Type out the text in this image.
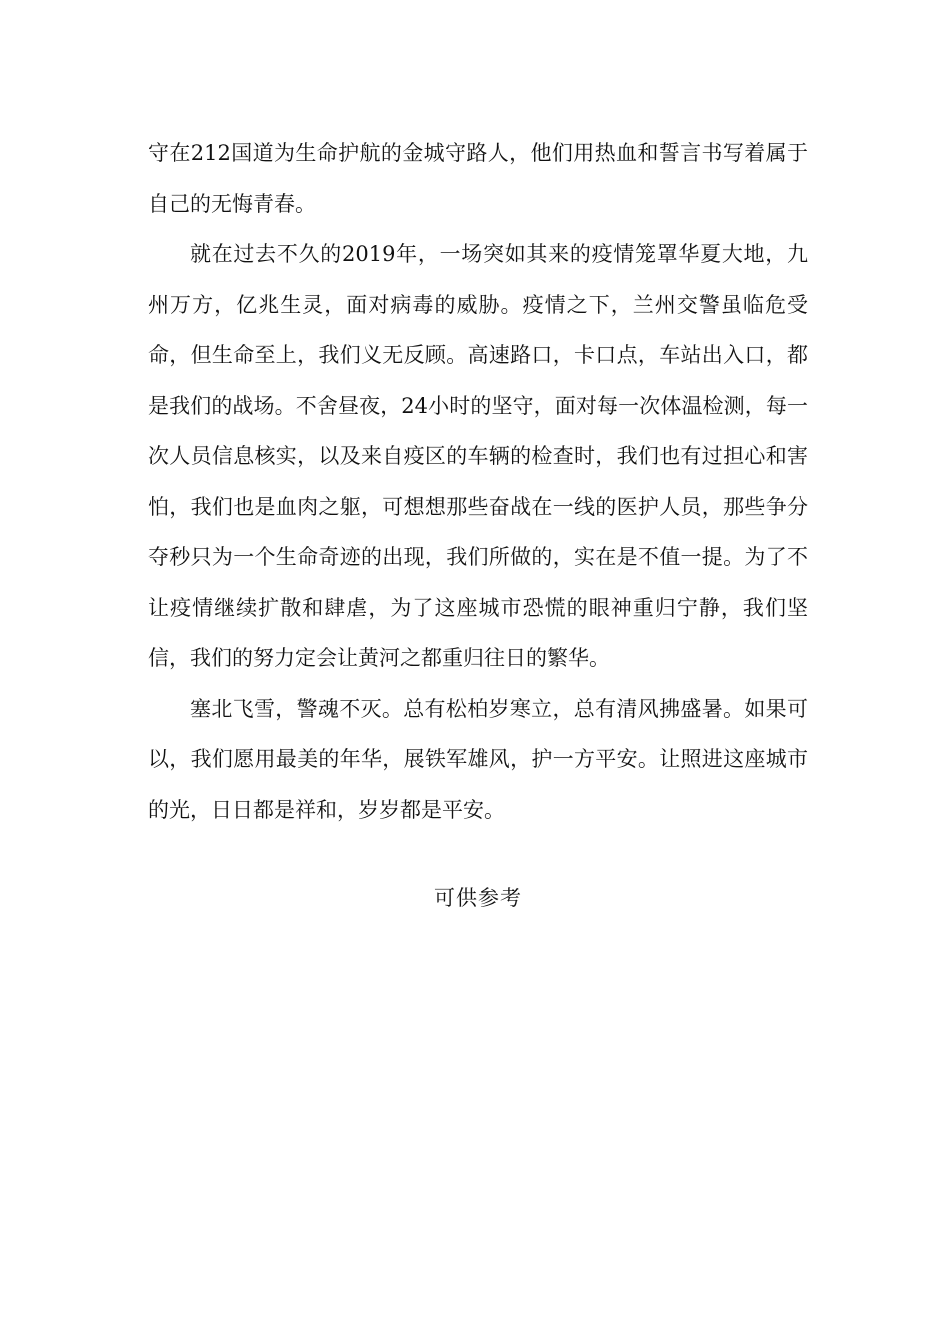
守在212国道为生命护航的金城守路人，他们用热血和誓言书写着属于自己的无悔青春。

就在过去不久的2019年，一场突如其来的疫情笼罩华夏大地，九州万方，亿兆生灵，面对病毒的威胁。疫情之下，兰州交警虽临危受命，但生命至上，我们义无反顾。高速路口，卡口点，车站出入口，都是我们的战场。不舍昼夜，24小时的坚守，面对每一次体温检测，每一次人员信息核实，以及来自疫区的车辆的检查时，我们也有过担心和害怕，我们也是血肉之躯，可想想那些奋战在一线的医护人员，那些争分夺秒只为一个生命奇迹的出现，我们所做的，实在是不值一提。为了不让疫情继续扩散和肆虐，为了这座城市恐慌的眼神重归宁静，我们坚信，我们的努力定会让黄河之都重归往日的繁华。

塞北飞雪，警魂不灭。总有松柏岁寒立，总有清风拂盛暑。如果可以，我们愿用最美的年华，展铁军雄风，护一方平安。让照进这座城市的光，日日都是祥和，岁岁都是平安。

可供参考
